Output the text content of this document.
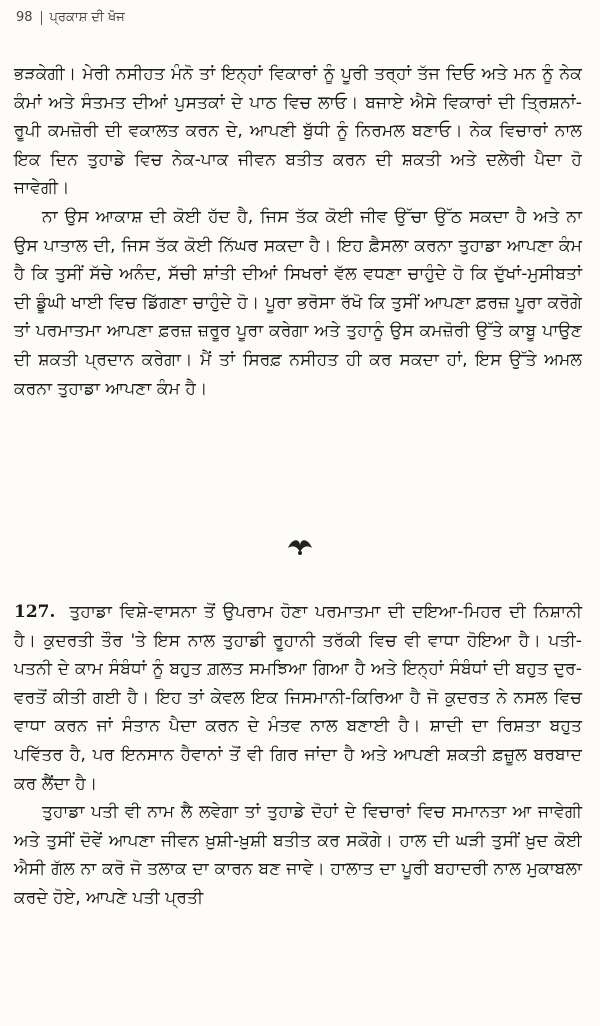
98 ਪ੍ਰਕਾਸ਼ ਦੀ ਖੋਜ

ਭੜਕੇਗੀ। ਮੇਰੀ ਨਸੀਹਤ ਮੰਨੋ ਤਾਂ ਇਨ੍ਹਾਂ ਵਿਕਾਰਾਂ ਨੂੰ ਪੂਰੀ ਤਰ੍ਹਾਂ ਤੱਜ ਦਿਓ ਅਤੇ ਮਨ ਨੂੰ ਨੇਕ ਕੰਮਾਂ ਅਤੇ ਸੰਤਮਤ ਦੀਆਂ ਪੁਸਤਕਾਂ ਦੇ ਪਾਠ ਵਿਚ ਲਾਓ। ਬਜਾਏ ਐਸੇ ਵਿਕਾਰਾਂ ਦੀ ਤ੍ਰਿਸ਼ਨਾਂ-ਰੂਪੀ ਕਮਜ਼ੋਰੀ ਦੀ ਵਕਾਲਤ ਕਰਨ ਦੇ, ਆਪਣੀ ਬੁੱਧੀ ਨੂੰ ਨਿਰਮਲ ਬਣਾਓ। ਨੇਕ ਵਿਚਾਰਾਂ ਨਾਲ ਇਕ ਦਿਨ ਤੁਹਾਡੇ ਵਿਚ ਨੇਕ-ਪਾਕ ਜੀਵਨ ਬਤੀਤ ਕਰਨ ਦੀ ਸ਼ਕਤੀ ਅਤੇ ਦਲੇਰੀ ਪੈਦਾ ਹੋ ਜਾਵੇਗੀ।

ਨਾ ਉਸ ਆਕਾਸ਼ ਦੀ ਕੋਈ ਹੱਦ ਹੈ, ਜਿਸ ਤੱਕ ਕੋਈ ਜੀਵ ਉੱਚਾ ਉੱਠ ਸਕਦਾ ਹੈ ਅਤੇ ਨਾ ਉਸ ਪਾਤਾਲ ਦੀ, ਜਿਸ ਤੱਕ ਕੋਈ ਨਿੱਘਰ ਸਕਦਾ ਹੈ। ਇਹ ਫ਼ੈਸਲਾ ਕਰਨਾ ਤੁਹਾਡਾ ਆਪਣਾ ਕੰਮ ਹੈ ਕਿ ਤੁਸੀਂ ਸੱਚੇ ਅਨੰਦ, ਸੱਚੀ ਸ਼ਾਂਤੀ ਦੀਆਂ ਸਿਖਰਾਂ ਵੱਲ ਵਧਣਾ ਚਾਹੁੰਦੇ ਹੋ ਕਿ ਦੁੱਖਾਂ-ਮੁਸੀਬਤਾਂ ਦੀ ਡੂੰਘੀ ਖਾਈ ਵਿਚ ਡਿੱਗਣਾ ਚਾਹੁੰਦੇ ਹੋ। ਪੂਰਾ ਭਰੋਸਾ ਰੱਖੋ ਕਿ ਤੁਸੀਂ ਆਪਣਾ ਫ਼ਰਜ਼ ਪੂਰਾ ਕਰੋਗੇ ਤਾਂ ਪਰਮਾਤਮਾ ਆਪਣਾ ਫ਼ਰਜ਼ ਜ਼ਰੂਰ ਪੂਰਾ ਕਰੇਗਾ ਅਤੇ ਤੁਹਾਨੂੰ ਉਸ ਕਮਜ਼ੋਰੀ ਉੱਤੇ ਕਾਬੂ ਪਾਉਣ ਦੀ ਸ਼ਕਤੀ ਪ੍ਰਦਾਨ ਕਰੇਗਾ। ਮੈਂ ਤਾਂ ਸਿਰਫ਼ ਨਸੀਹਤ ਹੀ ਕਰ ਸਕਦਾ ਹਾਂ, ਇਸ ਉੱਤੇ ਅਮਲ ਕਰਨਾ ਤੁਹਾਡਾ ਆਪਣਾ ਕੰਮ ਹੈ।

127. ਤੁਹਾਡਾ ਵਿਸ਼ੇ-ਵਾਸਨਾ ਤੋਂ ਉਪਰਾਮ ਹੋਣਾ ਪਰਮਾਤਮਾ ਦੀ ਦਇਆ-ਮਿਹਰ ਦੀ ਨਿਸ਼ਾਨੀ ਹੈ। ਕੁਦਰਤੀ ਤੌਰ 'ਤੇ ਇਸ ਨਾਲ ਤੁਹਾਡੀ ਰੂਹਾਨੀ ਤਰੱਕੀ ਵਿਚ ਵੀ ਵਾਧਾ ਹੋਇਆ ਹੈ। ਪਤੀ-ਪਤਨੀ ਦੇ ਕਾਮ ਸੰਬੰਧਾਂ ਨੂੰ ਬਹੁਤ ਗ਼ਲਤ ਸਮਝਿਆ ਗਿਆ ਹੈ ਅਤੇ ਇਨ੍ਹਾਂ ਸੰਬੰਧਾਂ ਦੀ ਬਹੁਤ ਦੁਰ-ਵਰਤੋਂ ਕੀਤੀ ਗਈ ਹੈ। ਇਹ ਤਾਂ ਕੇਵਲ ਇਕ ਜਿਸਮਾਨੀ-ਕਿਰਿਆ ਹੈ ਜੋ ਕੁਦਰਤ ਨੇ ਨਸਲ ਵਿਚ ਵਾਧਾ ਕਰਨ ਜਾਂ ਸੰਤਾਨ ਪੈਦਾ ਕਰਨ ਦੇ ਮੰਤਵ ਨਾਲ ਬਣਾਈ ਹੈ। ਸ਼ਾਦੀ ਦਾ ਰਿਸ਼ਤਾ ਬਹੁਤ ਪਵਿੱਤਰ ਹੈ, ਪਰ ਇਨਸਾਨ ਹੈਵਾਨਾਂ ਤੋਂ ਵੀ ਗਿਰ ਜਾਂਦਾ ਹੈ ਅਤੇ ਆਪਣੀ ਸ਼ਕਤੀ ਫ਼ਜ਼ੂਲ ਬਰਬਾਦ ਕਰ ਲੈਂਦਾ ਹੈ।

ਤੁਹਾਡਾ ਪਤੀ ਵੀ ਨਾਮ ਲੈ ਲਵੇਗਾ ਤਾਂ ਤੁਹਾਡੇ ਦੋਹਾਂ ਦੇ ਵਿਚਾਰਾਂ ਵਿਚ ਸਮਾਨਤਾ ਆ ਜਾਵੇਗੀ ਅਤੇ ਤੁਸੀਂ ਦੋਵੇਂ ਆਪਣਾ ਜੀਵਨ ਖ਼ੁਸ਼ੀ-ਖ਼ੁਸ਼ੀ ਬਤੀਤ ਕਰ ਸਕੋਗੇ। ਹਾਲ ਦੀ ਘੜੀ ਤੁਸੀਂ ਖ਼ੁਦ ਕੋਈ ਐਸੀ ਗੱਲ ਨਾ ਕਰੋ ਜੋ ਤਲਾਕ ਦਾ ਕਾਰਨ ਬਣ ਜਾਵੇ। ਹਾਲਾਤ ਦਾ ਪੂਰੀ ਬਹਾਦਰੀ ਨਾਲ ਮੁਕਾਬਲਾ ਕਰਦੇ ਹੋਏ, ਆਪਣੇ ਪਤੀ ਪ੍ਰਤੀ
